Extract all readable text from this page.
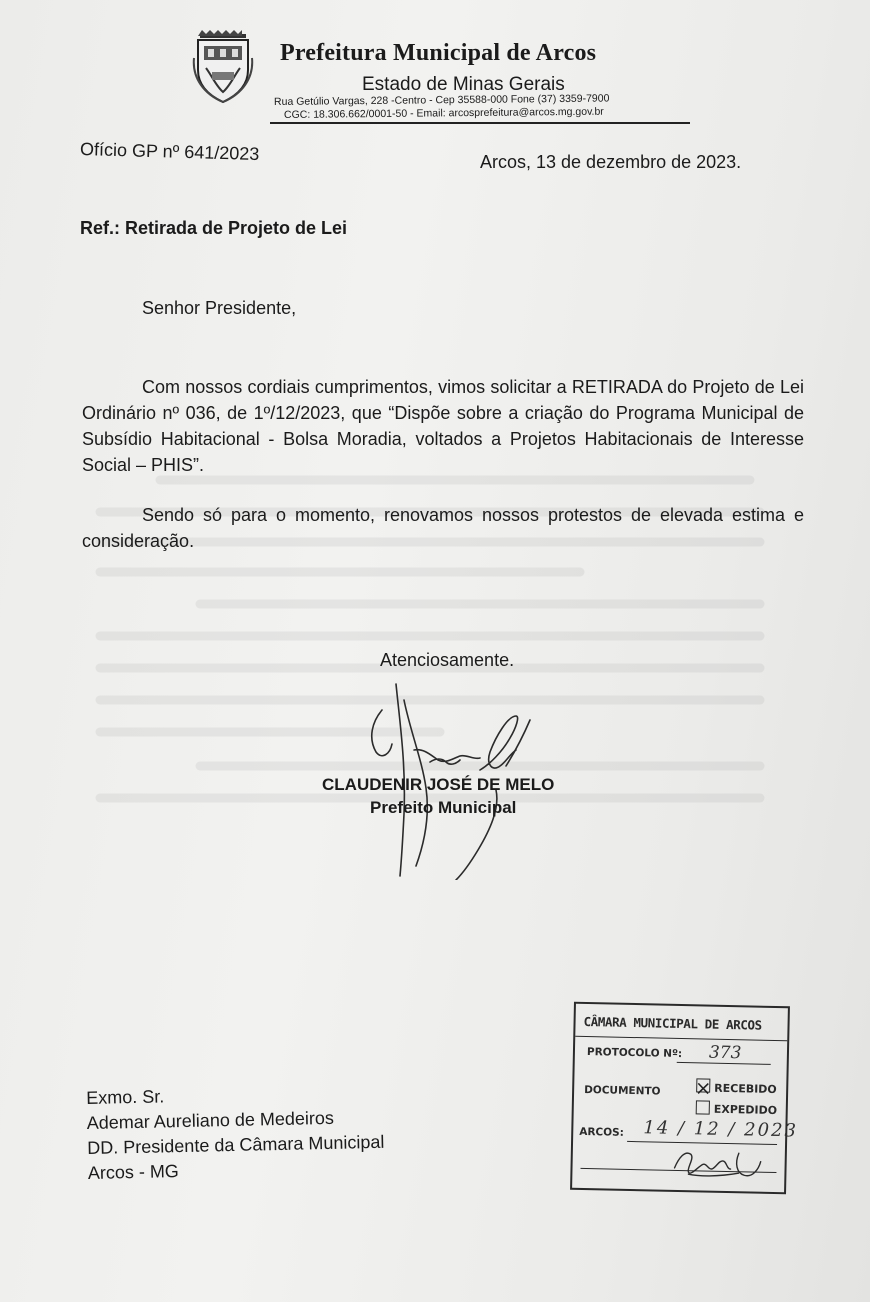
Prefeitura Municipal de Arcos
Estado de Minas Gerais
Rua Getúlio Vargas, 228 -Centro - Cep 35588-000 Fone (37) 3359-7900
CGC: 18.306.662/0001-50 - Email: arcosprefeitura@arcos.mg.gov.br
Ofício GP nº 641/2023	Arcos, 13 de dezembro de 2023.
Ref.: Retirada de Projeto de Lei
Senhor Presidente,
Com nossos cordiais cumprimentos, vimos solicitar a RETIRADA do Projeto de Lei Ordinário nº 036, de 1º/12/2023, que “Dispõe sobre a criação do Programa Municipal de Subsídio Habitacional - Bolsa Moradia, voltados a Projetos Habitacionais de Interesse Social – PHIS”.
Sendo só para o momento, renovamos nossos protestos de elevada estima e consideração.
Atenciosamente.
CLAUDENIR JOSÉ DE MELO
Prefeito Municipal
Exmo. Sr.
Ademar Aureliano de Medeiros
DD. Presidente da Câmara Municipal
Arcos - MG
CÂMARA MUNICIPAL DE ARCOS
PROTOCOLO Nº: 373
DOCUMENTO	RECEBIDO
EXPEDIDO
ARCOS: 14 / 12 / 2023
